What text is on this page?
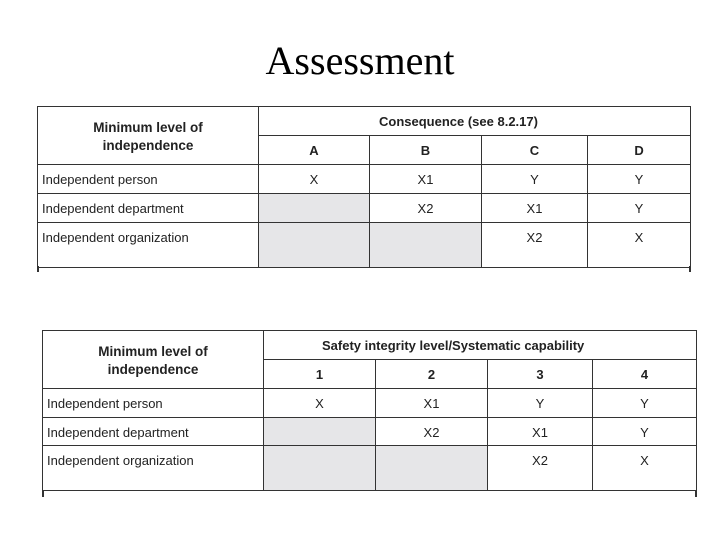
Assessment
Minimum level of independence	Consequence (see 8.2.17)			
	A	B	C	D
Independent person	X	X1	Y	Y
Independent department		X2	X1	Y
Independent organization			X2	X
Minimum level of independence	Safety integrity level/Systematic capability			
	1	2	3	4
Independent person	X	X1	Y	Y
Independent department		X2	X1	Y
Independent organization			X2	X
